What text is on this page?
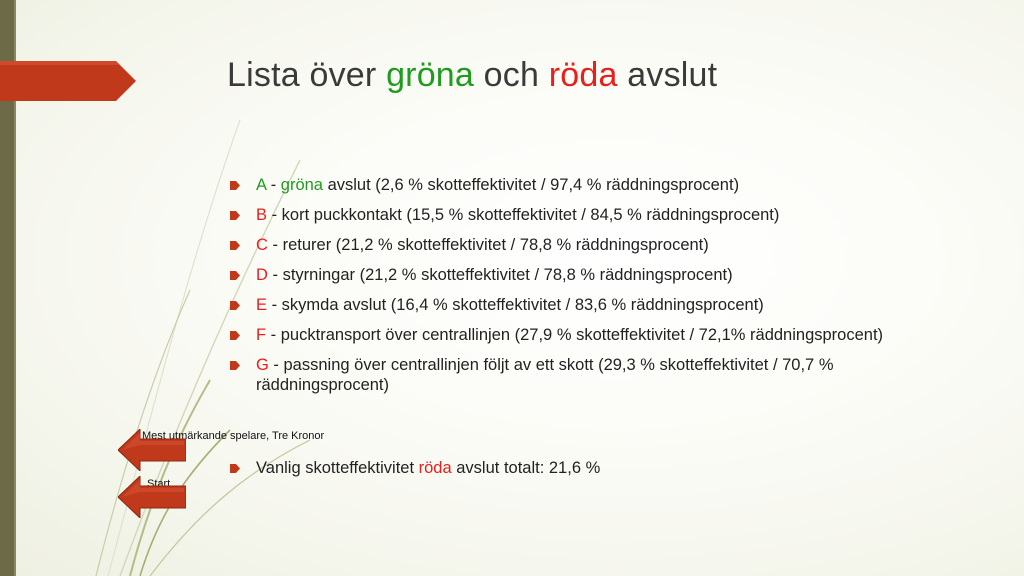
Lista över gröna och röda avslut
A - gröna avslut (2,6 % skotteffektivitet / 97,4 % räddningsprocent)
B - kort puckkontakt (15,5 % skotteffektivitet / 84,5 % räddningsprocent)
C - returer (21,2 % skotteffektivitet / 78,8 % räddningsprocent)
D - styrningar (21,2 % skotteffektivitet / 78,8 % räddningsprocent)
E - skymda avslut (16,4 % skotteffektivitet / 83,6 % räddningsprocent)
F - pucktransport över centrallinjen (27,9 % skotteffektivitet / 72,1% räddningsprocent)
G - passning över centrallinjen följt av ett skott (29,3 % skotteffektivitet / 70,7 % räddningsprocent)
Mest utmärkande spelare, Tre Kronor
Start
Vanlig skotteffektivitet röda avslut totalt: 21,6 %
